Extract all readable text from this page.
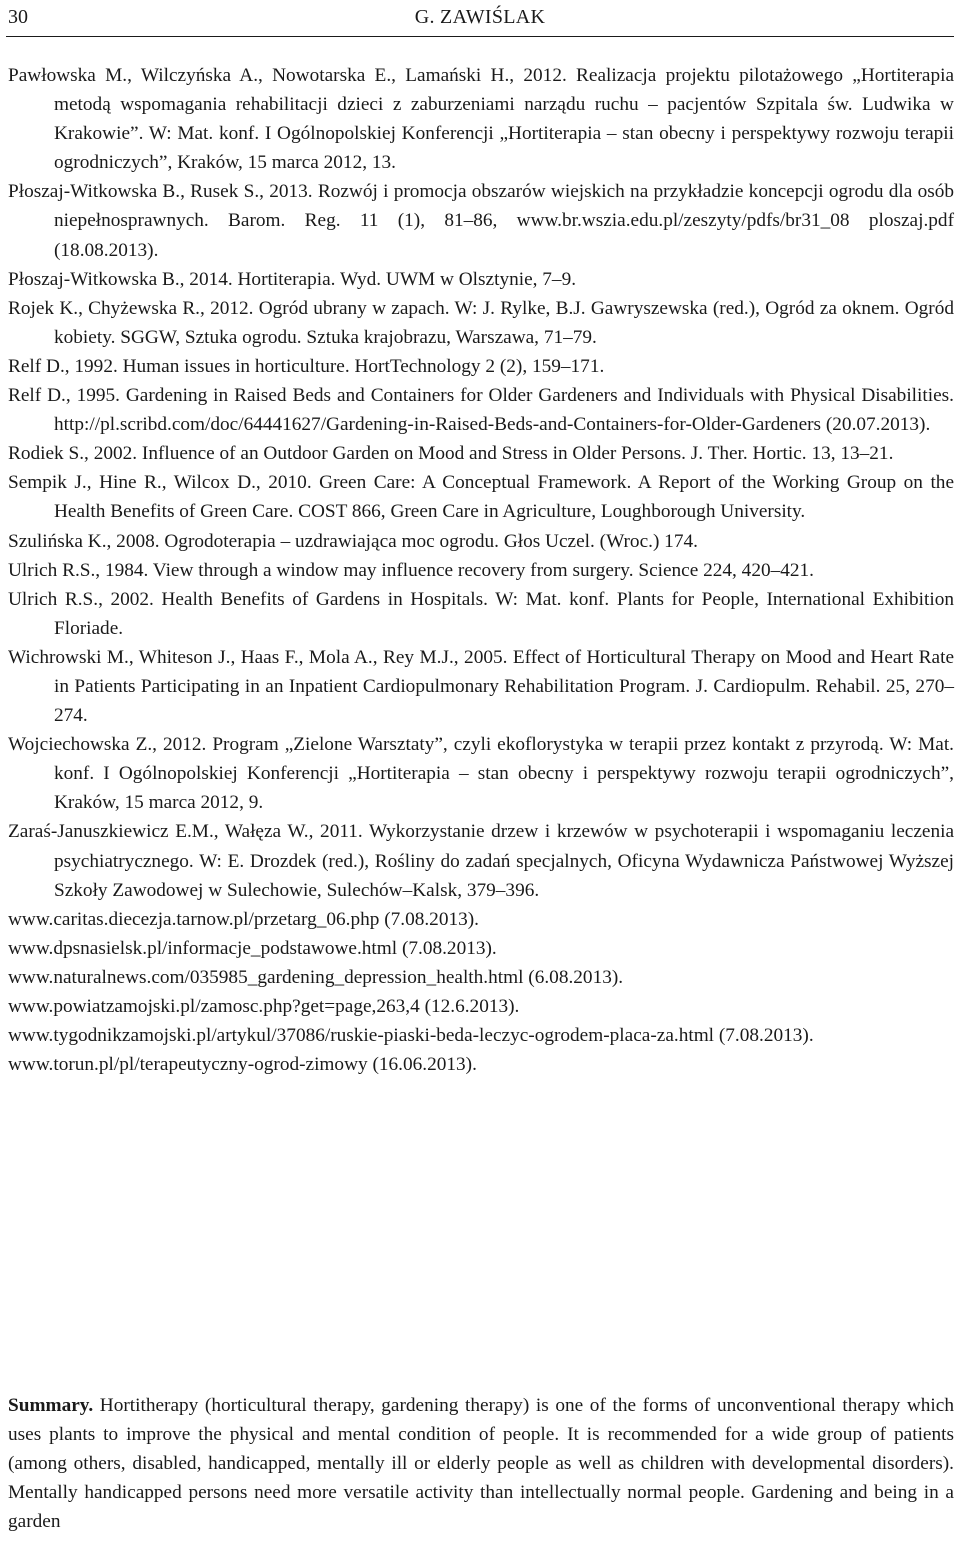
30	G. ZAWIŚLAK
Pawłowska M., Wilczyńska A., Nowotarska E., Lamański H., 2012. Realizacja projektu pilotażowego „Hortiterapia metodą wspomagania rehabilitacji dzieci z zaburzeniami narządu ruchu – pacjentów Szpitala św. Ludwika w Krakowie”. W: Mat. konf. I Ogólnopolskiej Konferencji „Hortiterapia – stan obecny i perspektywy rozwoju terapii ogrodniczych”, Kraków, 15 marca 2012, 13.
Płoszaj-Witkowska B., Rusek S., 2013. Rozwój i promocja obszarów wiejskich na przykładzie koncepcji ogrodu dla osób niepełnosprawnych. Barom. Reg. 11 (1), 81–86, www.br.wszia.edu.pl/zeszyty/pdfs/br31_08 ploszaj.pdf (18.08.2013).
Płoszaj-Witkowska B., 2014. Hortiterapia. Wyd. UWM w Olsztynie, 7–9.
Rojek K., Chyżewska R., 2012. Ogród ubrany w zapach. W: J. Rylke, B.J. Gawryszewska (red.), Ogród za oknem. Ogród kobiety. SGGW, Sztuka ogrodu. Sztuka krajobrazu, Warszawa, 71–79.
Relf D., 1992. Human issues in horticulture. HortTechnology 2 (2), 159–171.
Relf D., 1995. Gardening in Raised Beds and Containers for Older Gardeners and Individuals with Physical Disabilities. http://pl.scribd.com/doc/64441627/Gardening-in-Raised-Beds-and-Containers-for-Older-Gardeners (20.07.2013).
Rodiek S., 2002. Influence of an Outdoor Garden on Mood and Stress in Older Persons. J. Ther. Hortic. 13, 13–21.
Sempik J., Hine R., Wilcox D., 2010. Green Care: A Conceptual Framework. A Report of the Working Group on the Health Benefits of Green Care. COST 866, Green Care in Agriculture, Loughborough University.
Szulińska K., 2008. Ogrodoterapia – uzdrawiająca moc ogrodu. Głos Uczel. (Wroc.) 174.
Ulrich R.S., 1984. View through a window may influence recovery from surgery. Science 224, 420–421.
Ulrich R.S., 2002. Health Benefits of Gardens in Hospitals. W: Mat. konf. Plants for People, International Exhibition Floriade.
Wichrowski M., Whiteson J., Haas F., Mola A., Rey M.J., 2005. Effect of Horticultural Therapy on Mood and Heart Rate in Patients Participating in an Inpatient Cardiopulmonary Rehabilitation Program. J. Cardiopulm. Rehabil. 25, 270–274.
Wojciechowska Z., 2012. Program „Zielone Warsztaty”, czyli ekoflorystyka w terapii przez kontakt z przyrodą. W: Mat. konf. I Ogólnopolskiej Konferencji „Hortiterapia – stan obecny i perspektywy rozwoju terapii ogrodniczych”, Kraków, 15 marca 2012, 9.
Zaraś-Januszkiewicz E.M., Wałęza W., 2011. Wykorzystanie drzew i krzewów w psychoterapii i wspomaganiu leczenia psychiatrycznego. W: E. Drozdek (red.), Rośliny do zadań specjalnych, Oficyna Wydawnicza Państwowej Wyższej Szkoły Zawodowej w Sulechowie, Sulechów–Kalsk, 379–396.
www.caritas.diecezja.tarnow.pl/przetarg_06.php (7.08.2013).
www.dpsnasielsk.pl/informacje_podstawowe.html (7.08.2013).
www.naturalnews.com/035985_gardening_depression_health.html (6.08.2013).
www.powiatzamojski.pl/zamosc.php?get=page,263,4 (12.6.2013).
www.tygodnikzamojski.pl/artykul/37086/ruskie-piaski-beda-leczyc-ogrodem-placa-za.html (7.08.2013).
www.torun.pl/pl/terapeutyczny-ogrod-zimowy (16.06.2013).

Summary. Hortitherapy (horticultural therapy, gardening therapy) is one of the forms of unconventional therapy which uses plants to improve the physical and mental condition of people. It is recommended for a wide group of patients (among others, disabled, handicapped, mentally ill or elderly people as well as children with developmental disorders). Mentally handicapped persons need more versatile activity than intellectually normal people. Gardening and being in a garden
